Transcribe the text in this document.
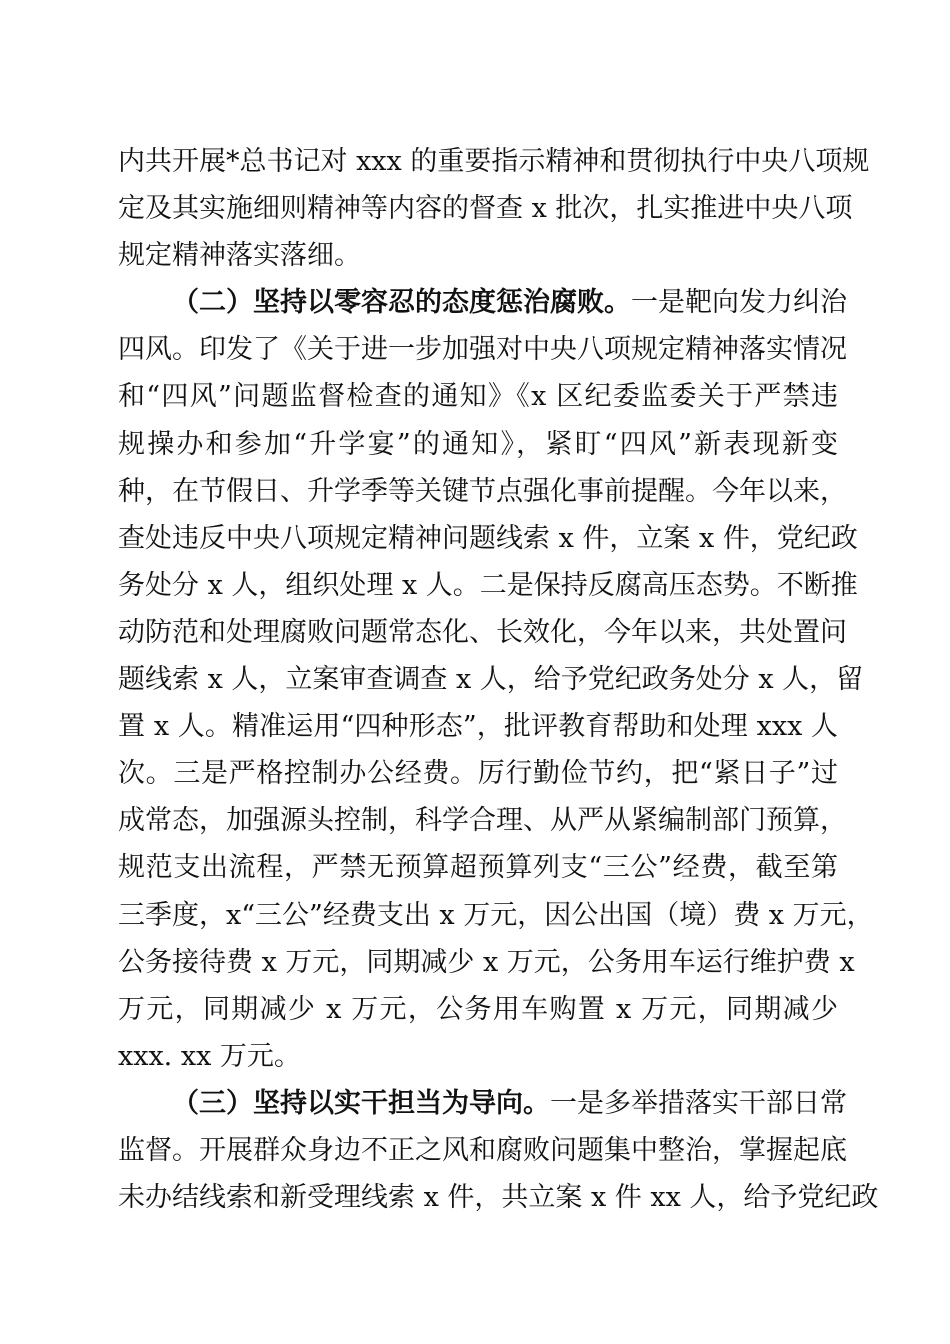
内共开展*总书记对 xxx 的重要指示精神和贯彻执行中央八项规
定及其实施细则精神等内容的督查 x 批次，扎实推进中央八项
规定精神落实落细。
（二）坚持以零容忍的态度惩治腐败。一是靶向发力纠治
四风。印发了《关于进一步加强对中央八项规定精神落实情况
和“四风”问题监督检查的通知》《x 区纪委监委关于严禁违
规操办和参加“升学宴”的通知》，紧盯“四风”新表现新变
种，在节假日、升学季等关键节点强化事前提醒。今年以来，
查处违反中央八项规定精神问题线索 x 件，立案 x 件，党纪政
务处分 x 人，组织处理 x 人。二是保持反腐高压态势。不断推
动防范和处理腐败问题常态化、长效化，今年以来，共处置问
题线索 x 人，立案审查调查 x 人，给予党纪政务处分 x 人，留
置 x 人。精准运用“四种形态”，批评教育帮助和处理 xxx 人
次。三是严格控制办公经费。厉行勤俭节约，把“紧日子”过
成常态，加强源头控制，科学合理、从严从紧编制部门预算，
规范支出流程，严禁无预算超预算列支“三公”经费，截至第
三季度，x“三公”经费支出 x 万元，因公出国（境）费 x 万元，
公务接待费 x 万元，同期减少 x 万元，公务用车运行维护费 x
万元，同期减少 x 万元，公务用车购置 x 万元，同期减少
xxx. xx 万元。
（三）坚持以实干担当为导向。一是多举措落实干部日常
监督。开展群众身边不正之风和腐败问题集中整治，掌握起底
未办结线索和新受理线索 x 件，共立案 x 件 xx 人，给予党纪政
